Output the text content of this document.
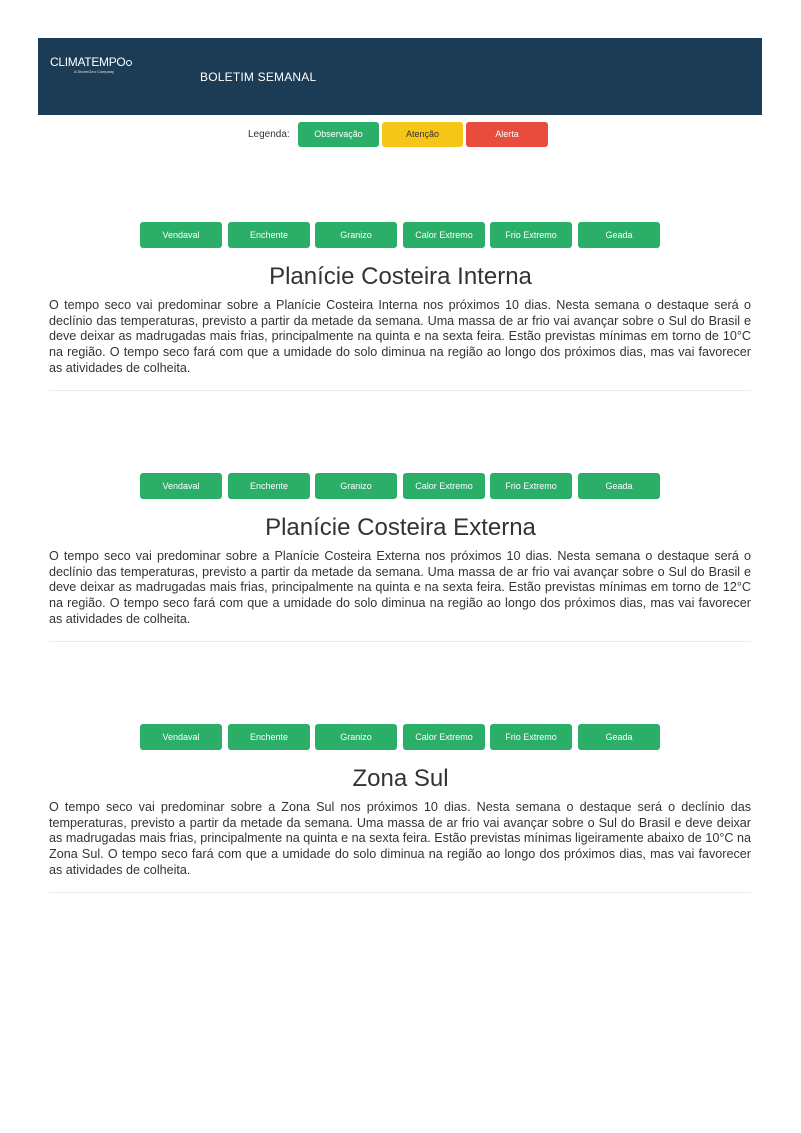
CLIMATEMPO
A StormGeo Company	BOLETIM SEMANAL
Legenda:	Observação	Atenção	Alerta
Vendaval	Enchente	Granizo	Calor Extremo	Frio Extremo	Geada
Planície Costeira Interna

O tempo seco vai predominar sobre a Planície Costeira Interna nos próximos 10 dias. Nesta semana o destaque será o declínio das temperaturas, previsto a partir da metade da semana. Uma massa de ar frio vai avançar sobre o Sul do Brasil e deve deixar as madrugadas mais frias, principalmente na quinta e na sexta feira. Estão previstas mínimas em torno de 10°C na região. O tempo seco fará com que a umidade do solo diminua na região ao longo dos próximos dias, mas vai favorecer as atividades de colheita.

Vendaval	Enchente	Granizo	Calor Extremo	Frio Extremo	Geada
Planície Costeira Externa

O tempo seco vai predominar sobre a Planície Costeira Externa nos próximos 10 dias. Nesta semana o destaque será o declínio das temperaturas, previsto a partir da metade da semana. Uma massa de ar frio vai avançar sobre o Sul do Brasil e deve deixar as madrugadas mais frias, principalmente na quinta e na sexta feira. Estão previstas mínimas em torno de 12°C na região. O tempo seco fará com que a umidade do solo diminua na região ao longo dos próximos dias, mas vai favorecer as atividades de colheita.

Vendaval	Enchente	Granizo	Calor Extremo	Frio Extremo	Geada
Zona Sul

O tempo seco vai predominar sobre a Zona Sul nos próximos 10 dias. Nesta semana o destaque será o declínio das temperaturas, previsto a partir da metade da semana. Uma massa de ar frio vai avançar sobre o Sul do Brasil e deve deixar as madrugadas mais frias, principalmente na quinta e na sexta feira. Estão previstas mínimas ligeiramente abaixo de 10°C na Zona Sul. O tempo seco fará com que a umidade do solo diminua na região ao longo dos próximos dias, mas vai favorecer as atividades de colheita.
